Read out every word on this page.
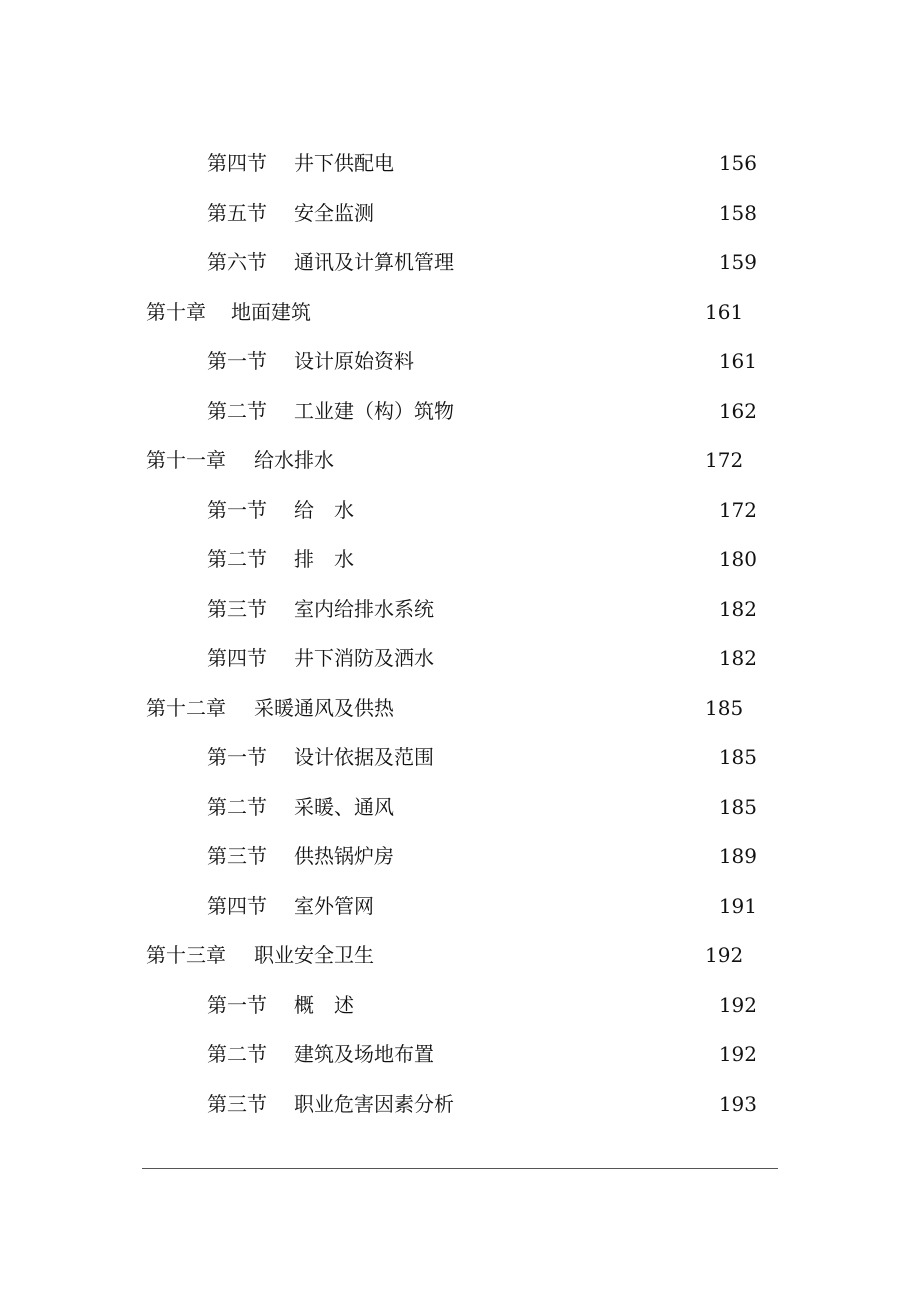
第四节 井下供配电	156
第五节 安全监测	158
第六节 通讯及计算机管理	159
第十章 地面建筑	161
第一节 设计原始资料	161
第二节 工业建（构）筑物	162
第十一章 给水排水	172
第一节 给　水	172
第二节 排　水	180
第三节 室内给排水系统	182
第四节 井下消防及洒水	182
第十二章 采暖通风及供热	185
第一节 设计依据及范围	185
第二节 采暖、通风	185
第三节 供热锅炉房	189
第四节 室外管网	191
第十三章 职业安全卫生	192
第一节 概　述	192
第二节 建筑及场地布置	192
第三节 职业危害因素分析	193
